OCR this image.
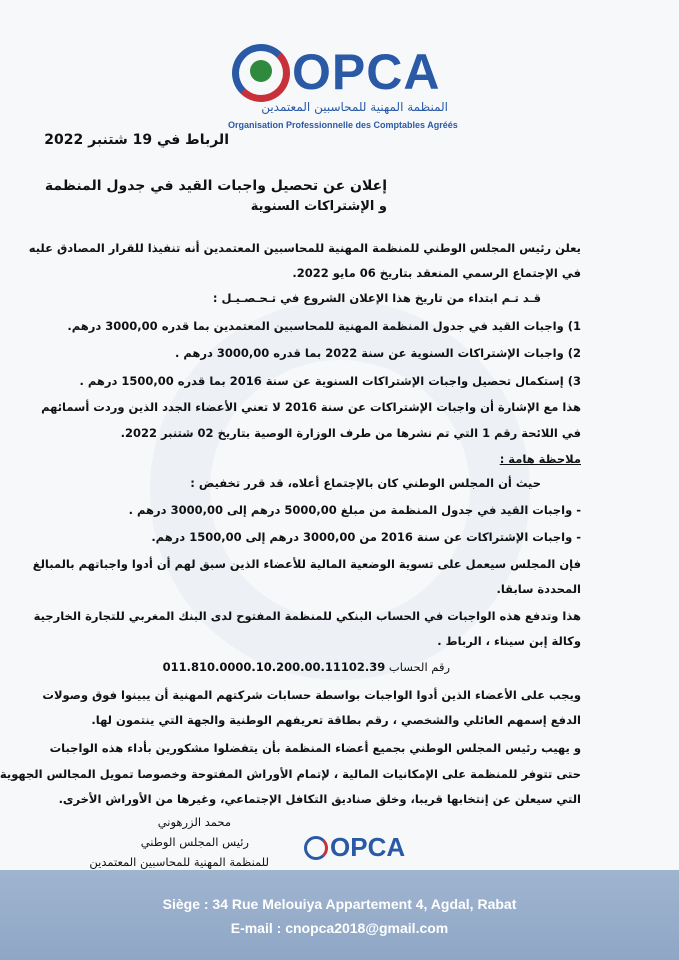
OPCA
المنظمة المهنية للمحاسبين المعتمدين
Organisation Professionnelle des Comptables Agréés
الرباط في 19 شتنبر 2022
إعلان عن تحصيل واجبات القيد في جدول المنظمة
و الإشتراكات السنوية
يعلن رئيس المجلس الوطني للمنظمة المهنية للمحاسبين المعتمدين أنه تنفيذا للقرار المصادق عليه
في الإجتماع الرسمي المنعقد بتاريخ 06 مايو 2022.
قـد تـم ابتداء من تاريخ هذا الإعلان الشروع في تـحـصـيـل :
1) واجبات القيد في جدول المنظمة المهنية للمحاسبين المعتمدين بما قدره 3000,00 درهم.
2) واجبات الإشتراكات السنوية عن سنة 2022 بما قدره 3000,00 درهم .
3) إستكمال تحصيل واجبات الإشتراكات السنوية عن سنة 2016 بما قدره 1500,00 درهم .
هذا مع الإشارة أن واجبات الإشتراكات عن سنة 2016 لا تعني الأعضاء الجدد الذين وردت أسمائهم
في اللائحة رقم 1 التي تم نشرها من طرف الوزارة الوصية بتاريخ 02 شتنبر 2022.
ملاحظة هامة :
حيث أن المجلس الوطني كان بالإجتماع أعلاه، قد قرر تخفيض :
- واجبات القيد في جدول المنظمة من مبلغ 5000,00 درهم إلى 3000,00 درهم .
- واجبات الإشتراكات عن سنة 2016 من 3000,00 درهم إلى 1500,00 درهم.
فإن المجلس سيعمل على تسوية الوضعية المالية للأعضاء الذين سبق لهم أن أدوا واجباتهم بالمبالغ
المحددة سابقا.
هذا وتدفع هذه الواجبات في الحساب البنكي للمنظمة المفتوح لدى البنك المغربي للتجارة الخارجية
وكالة إبن سيناء ، الرباط .
رقم الحساب 011.810.0000.10.200.00.11102.39
ويجب على الأعضاء الذين أدوا الواجبات بواسطة حسابات شركتهم المهنية أن يبينوا فوق وصولات
الدفع إسمهم العائلي والشخصي ، رقم بطاقة تعريفهم الوطنية والجهة التي ينتمون لها.
و يهيب رئيس المجلس الوطني بجميع أعضاء المنظمة بأن يتفضلوا مشكورين بأداء هذه الواجبات
حتى تتوفر للمنظمة على الإمكانيات المالية ، لإتمام الأوراش المفتوحة وخصوصا تمويل المجالس الجهوية
التي سيعلن عن إنتخابها قريبا، وخلق صناديق التكافل الإجتماعي، وغيرها من الأوراش الأخرى.
محمد الزرهوني
رئيس المجلس الوطني
للمنظمة المهنية للمحاسبين المعتمدين OPCA
Siège : 34 Rue Melouiya Appartement 4, Agdal, Rabat
E-mail : cnopca2018@gmail.com
